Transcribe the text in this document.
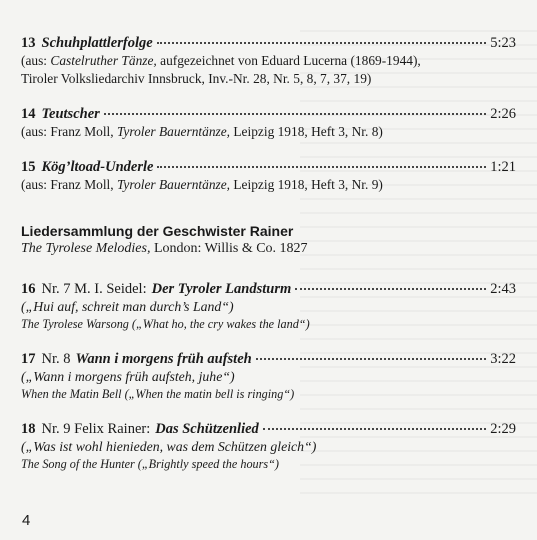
13 Schuhplattlerfolge	5:23
(aus: Castelruther Tänze, aufgezeichnet von Eduard Lucerna (1869-1944),
Tiroler Volksliedarchiv Innsbruck, Inv.-Nr. 28, Nr. 5, 8, 7, 37, 19)
14 Teutscher	2:26
(aus: Franz Moll, Tyroler Bauerntänze, Leipzig 1918, Heft 3, Nr. 8)
15 Kög’ltoad-Underle	1:21
(aus: Franz Moll, Tyroler Bauerntänze, Leipzig 1918, Heft 3, Nr. 9)
Liedersammlung der Geschwister Rainer
The Tyrolese Melodies, London: Willis & Co. 1827
16 Nr. 7 M. I. Seidel: Der Tyroler Landsturm	2:43
(„Hui auf, schreit man durch’s Land“)
The Tyrolese Warsong („What ho, the cry wakes the land“)
17 Nr. 8 Wann i morgens früh aufsteh	3:22
(„Wann i morgens früh aufsteh, juhe“)
When the Matin Bell („When the matin bell is ringing“)
18 Nr. 9 Felix Rainer: Das Schützenlied	2:29
(„Was ist wohl hienieden, was dem Schützen gleich“)
The Song of the Hunter („Brightly speed the hours“)
4
